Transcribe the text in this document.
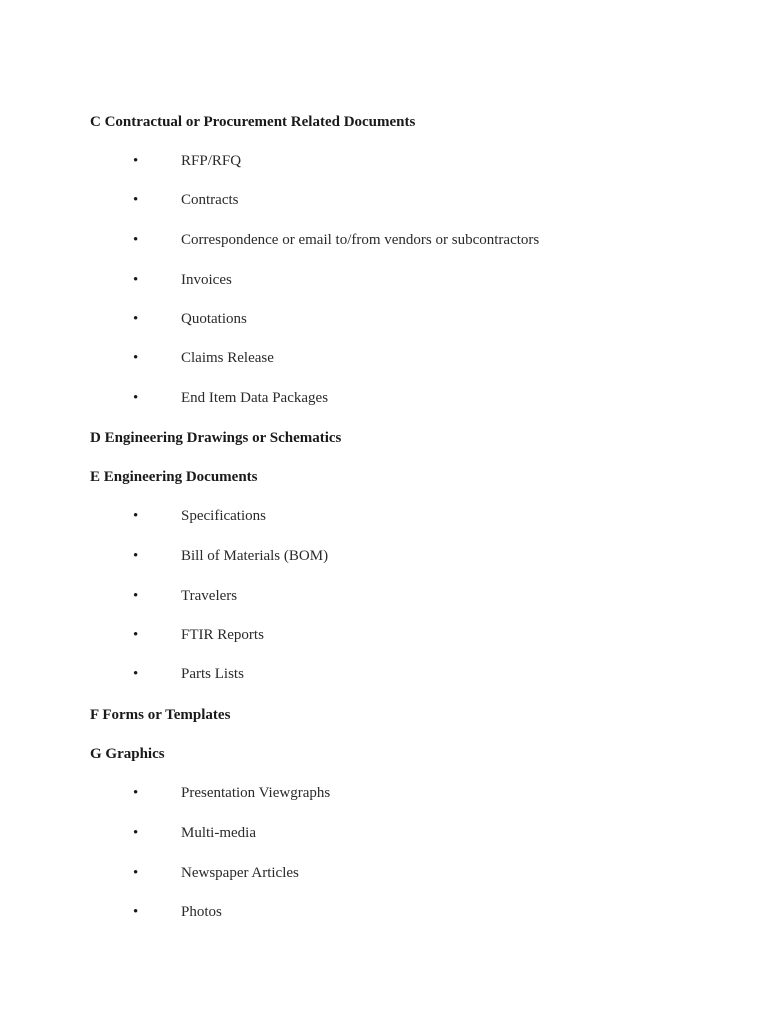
C Contractual or Procurement Related Documents
•	RFP/RFQ
•	Contracts
•	Correspondence or email to/from vendors or subcontractors
•	Invoices
•	Quotations
•	Claims Release
•	End Item Data Packages
D Engineering Drawings or Schematics
E Engineering Documents
•	Specifications
•	Bill of Materials (BOM)
•	Travelers
•	FTIR Reports
•	Parts Lists
F Forms or Templates
G Graphics
•	Presentation Viewgraphs
•	Multi-media
•	Newspaper Articles
•	Photos
